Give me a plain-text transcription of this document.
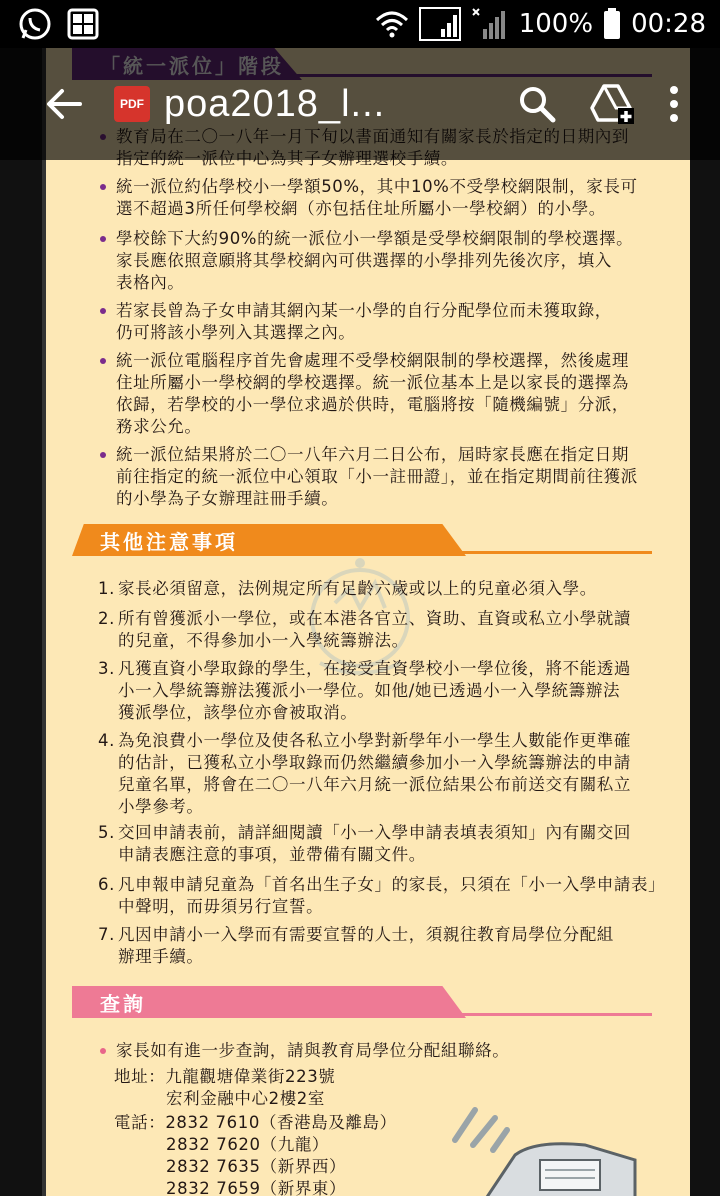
100% 00:28
統一派位約佔學校小一學額50%，其中10%不受學校網限制，家長可
選不超過3所任何學校網（亦包括住址所屬小一學校網）的小學。
學校餘下大約90%的統一派位小一學額是受學校網限制的學校選擇。
家長應依照意願將其學校網內可供選擇的小學排列先後次序，填入
表格內。
若家長曾為子女申請其網內某一小學的自行分配學位而未獲取錄，
仍可將該小學列入其選擇之內。
統一派位電腦程序首先會處理不受學校網限制的學校選擇，然後處理
住址所屬小一學校網的學校選擇。統一派位基本上是以家長的選擇為
依歸，若學校的小一學位求過於供時，電腦將按「隨機編號」分派，
務求公允。
統一派位結果將於二〇一八年六月二日公布，屆時家長應在指定日期
前往指定的統一派位中心領取「小一註冊證」，並在指定期間前往獲派
的小學為子女辦理註冊手續。
其他注意事項
1. 家長必須留意，法例規定所有足齡六歲或以上的兒童必須入學。
2. 所有曾獲派小一學位，或在本港各官立、資助、直資或私立小學就讀
的兒童，不得參加小一入學統籌辦法。
3. 凡獲直資小學取錄的學生，在接受直資學校小一學位後，將不能透過
小一入學統籌辦法獲派小一學位。如他/她已透過小一入學統籌辦法
獲派學位，該學位亦會被取消。
4. 為免浪費小一學位及使各私立小學對新學年小一學生人數能作更準確
的估計，已獲私立小學取錄而仍然繼續參加小一入學統籌辦法的申請
兒童名單，將會在二〇一八年六月統一派位結果公布前送交有關私立
小學參考。
5. 交回申請表前，請詳細閱讀「小一入學申請表填表須知」內有關交回
申請表應注意的事項，並帶備有關文件。
6. 凡申報申請兒童為「首名出生子女」的家長，只須在「小一入學申請表」
中聲明，而毋須另行宣誓。
7. 凡因申請小一入學而有需要宣誓的人士，須親往教育局學位分配組
辦理手續。
查詢
家長如有進一步查詢，請與教育局學位分配組聯絡。
地址：九龍觀塘偉業街223號
宏利金融中心2樓2室
電話：2832 7610（香港島及離島）
2832 7620（九龍）
2832 7635（新界西）
2832 7659（新界東）
PDF poa2018_l...
